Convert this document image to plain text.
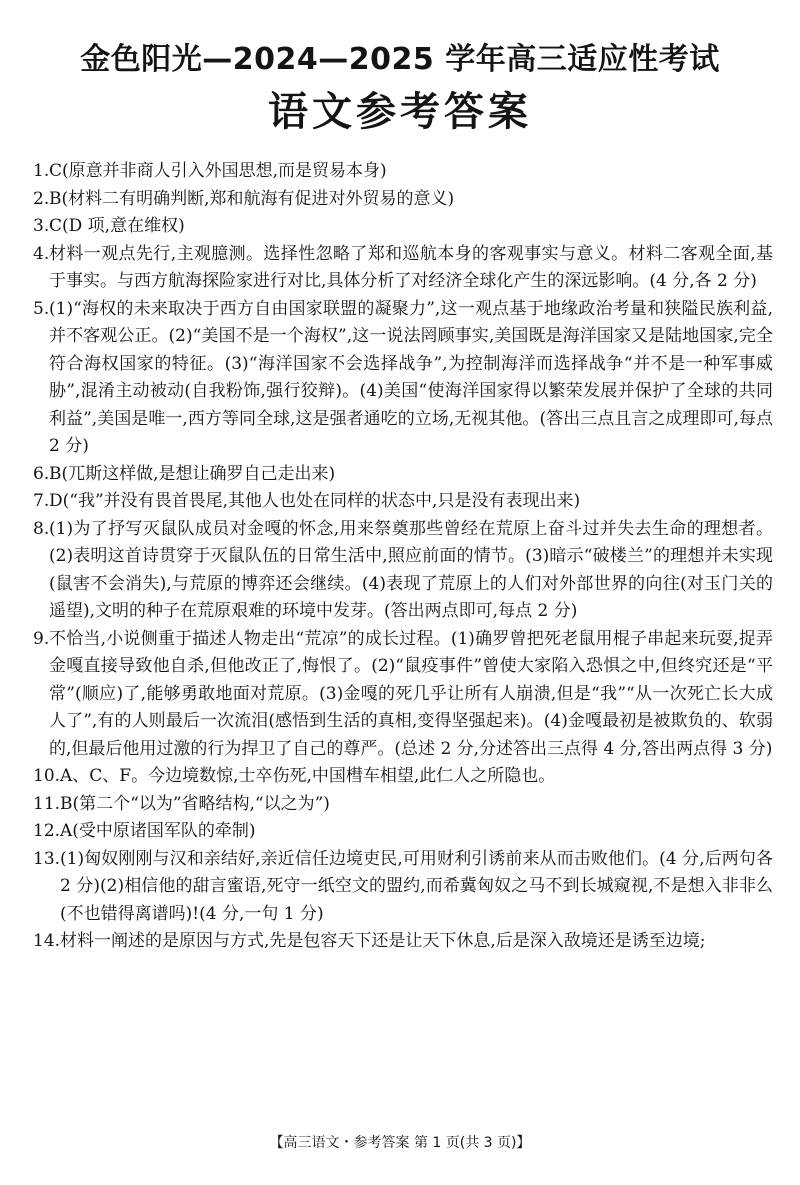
金色阳光—2024—2025 学年高三适应性考试
语文参考答案

1. C(原意并非商人引入外国思想,而是贸易本身)

2. B(材料二有明确判断,郑和航海有促进对外贸易的意义)

3. C(D 项,意在维权)

4. 材料一观点先行,主观臆测。选择性忽略了郑和巡航本身的客观事实与意义。材料二客观全面,基于事实。与西方航海探险家进行对比,具体分析了对经济全球化产生的深远影响。(4 分,各 2 分)

5. (1)“海权的未来取决于西方自由国家联盟的凝聚力”,这一观点基于地缘政治考量和狭隘民族利益,并不客观公正。(2)“美国不是一个海权”,这一说法罔顾事实,美国既是海洋国家又是陆地国家,完全符合海权国家的特征。(3)“海洋国家不会选择战争”,为控制海洋而选择战争“并不是一种军事威胁”,混淆主动被动(自我粉饰,强行狡辩)。(4)美国“使海洋国家得以繁荣发展并保护了全球的共同利益”,美国是唯一,西方等同全球,这是强者通吃的立场,无视其他。(答出三点且言之成理即可,每点 2 分)

6. B(兀斯这样做,是想让确罗自己走出来)

7. D(“我”并没有畏首畏尾,其他人也处在同样的状态中,只是没有表现出来)

8. (1)为了抒写灭鼠队成员对金嘎的怀念,用来祭奠那些曾经在荒原上奋斗过并失去生命的理想者。(2)表明这首诗贯穿于灭鼠队伍的日常生活中,照应前面的情节。(3)暗示“破楼兰”的理想并未实现(鼠害不会消失),与荒原的博弈还会继续。(4)表现了荒原上的人们对外部世界的向往(对玉门关的遥望),文明的种子在荒原艰难的环境中发芽。(答出两点即可,每点 2 分)

9. 不恰当,小说侧重于描述人物走出“荒凉”的成长过程。(1)确罗曾把死老鼠用棍子串起来玩耍,捉弄金嘎直接导致他自杀,但他改正了,悔恨了。(2)“鼠疫事件”曾使大家陷入恐惧之中,但终究还是“平常”(顺应)了,能够勇敢地面对荒原。(3)金嘎的死几乎让所有人崩溃,但是“我”“从一次死亡长大成人了”,有的人则最后一次流泪(感悟到生活的真相,变得坚强起来)。(4)金嘎最初是被欺负的、软弱的,但最后他用过激的行为捍卫了自己的尊严。(总述 2 分,分述答出三点得 4 分,答出两点得 3 分)

10. A、C、F。今边境数惊,士卒伤死,中国槥车相望,此仁人之所隐也。

11. B(第二个“以为”省略结构,“以之为”)

12. A(受中原诸国军队的牵制)

13. (1)匈奴刚刚与汉和亲结好,亲近信任边境吏民,可用财利引诱前来从而击败他们。(4 分,后两句各 2 分)(2)相信他的甜言蜜语,死守一纸空文的盟约,而希冀匈奴之马不到长城窥视,不是想入非非么(不也错得离谱吗)!(4 分,一句 1 分)

14. 材料一阐述的是原因与方式,先是包容天下还是让天下休息,后是深入敌境还是诱至边境;

【高三语文・参考答案 第 1 页(共 3 页)】
